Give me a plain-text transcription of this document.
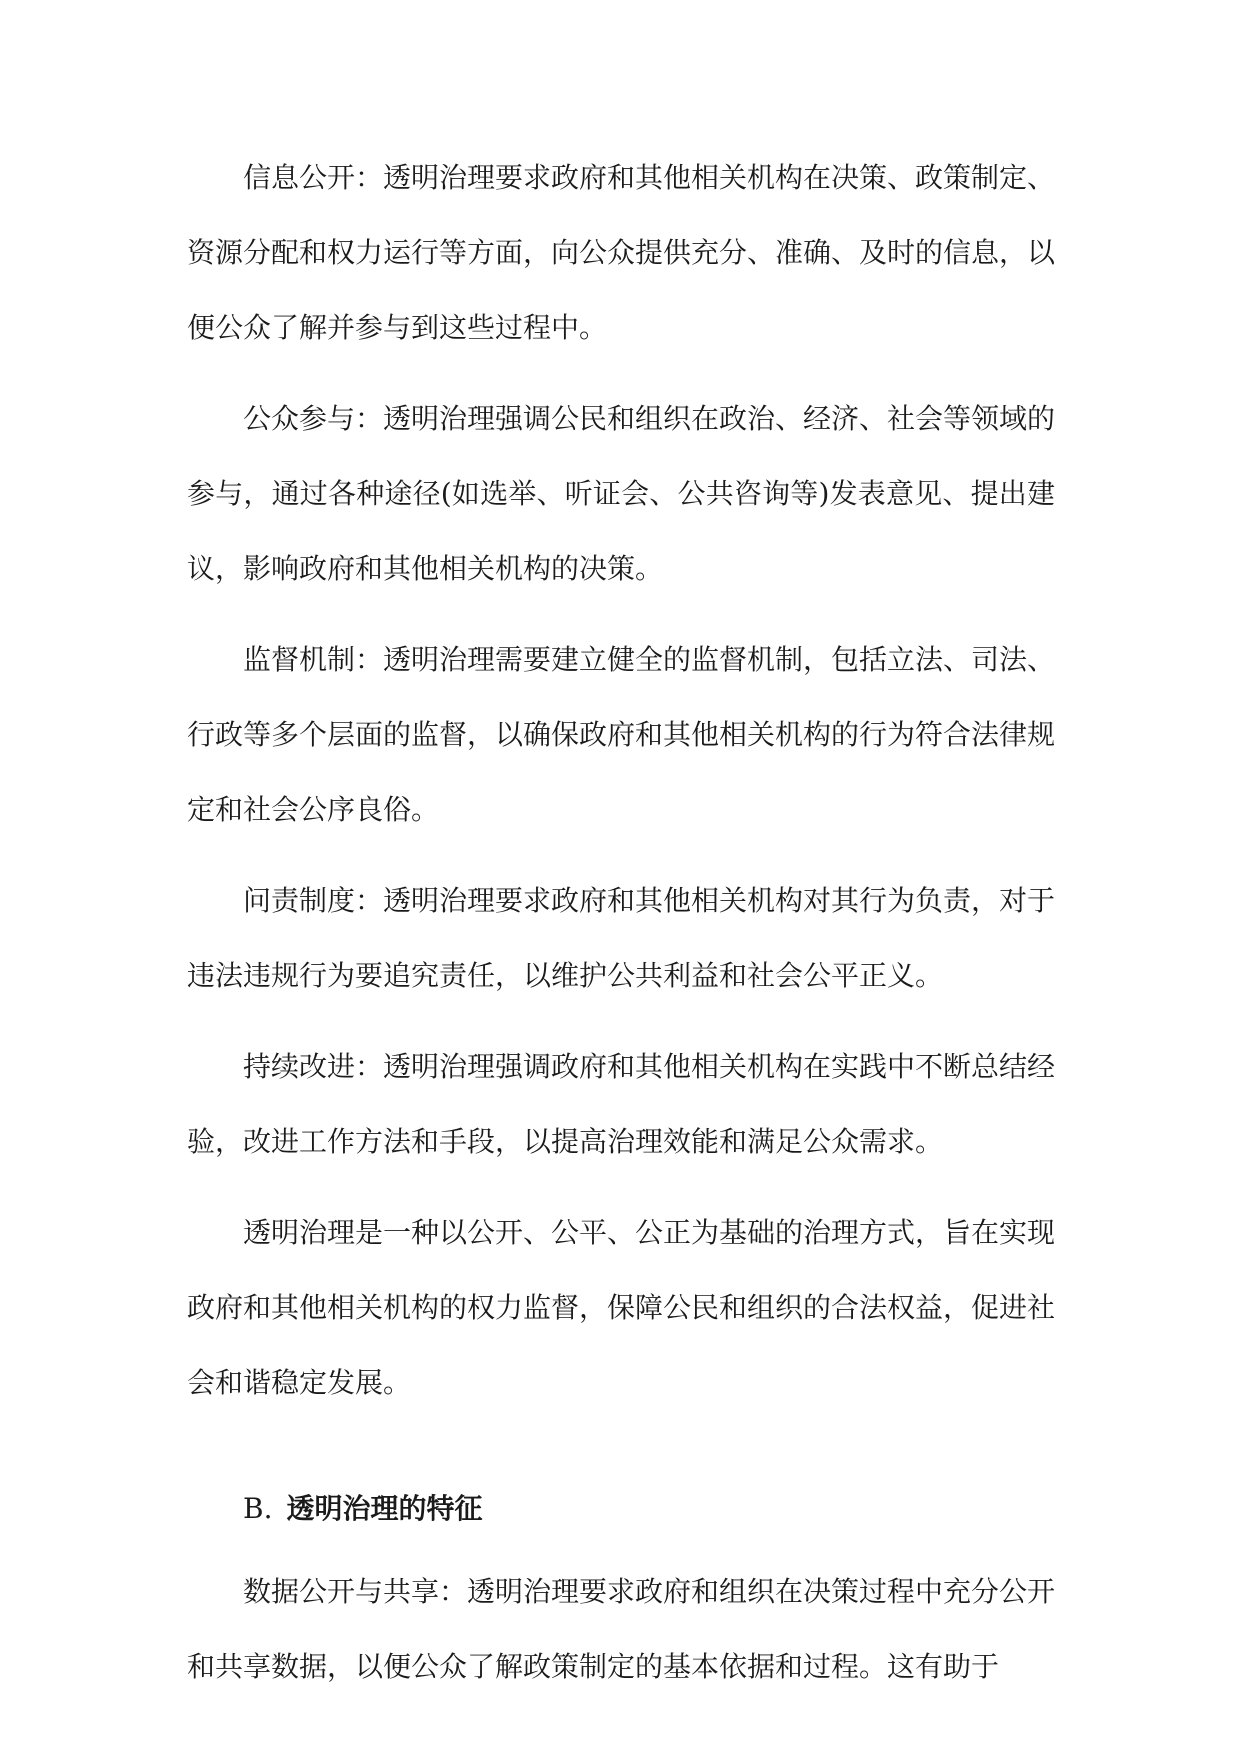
信息公开：透明治理要求政府和其他相关机构在决策、政策制定、资源分配和权力运行等方面，向公众提供充分、准确、及时的信息，以便公众了解并参与到这些过程中。

公众参与：透明治理强调公民和组织在政治、经济、社会等领域的参与，通过各种途径(如选举、听证会、公共咨询等)发表意见、提出建议，影响政府和其他相关机构的决策。

监督机制：透明治理需要建立健全的监督机制，包括立法、司法、行政等多个层面的监督，以确保政府和其他相关机构的行为符合法律规定和社会公序良俗。

问责制度：透明治理要求政府和其他相关机构对其行为负责，对于违法违规行为要追究责任，以维护公共利益和社会公平正义。

持续改进：透明治理强调政府和其他相关机构在实践中不断总结经验，改进工作方法和手段，以提高治理效能和满足公众需求。

透明治理是一种以公开、公平、公正为基础的治理方式，旨在实现政府和其他相关机构的权力监督，保障公民和组织的合法权益，促进社会和谐稳定发展。

B. 透明治理的特征

数据公开与共享：透明治理要求政府和组织在决策过程中充分公开和共享数据，以便公众了解政策制定的基本依据和过程。这有助于
